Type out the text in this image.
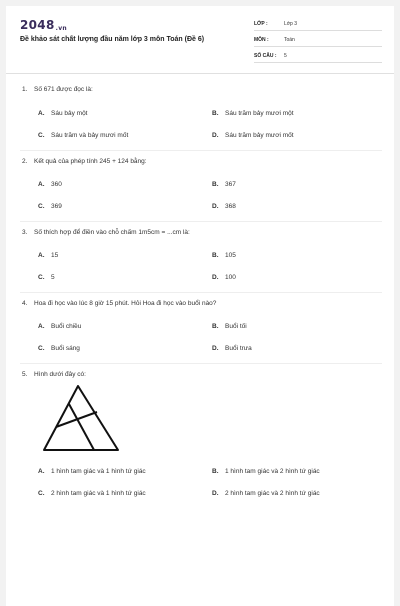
2048.vn
Đề khảo sát chất lượng đầu năm lớp 3 môn Toán (Đề 6)
LỚP :	Lớp 3
MÔN :	Toán
SỐ CÂU : 5
1. Số 671 được đọc là:
A. Sáu bảy một	B. Sáu trăm bảy mươi một
C. Sáu trăm và bảy mươi mốt	D. Sáu trăm bảy mươi mốt
2. Kết quả của phép tính 245 + 124 bằng:
A. 360	B. 367
C. 369	D. 368
3. Số thích hợp để điền vào chỗ chấm 1m5cm = ...cm là:
A. 15	B. 105
C. 5	D. 100
4. Hoa đi học vào lúc 8 giờ 15 phút. Hỏi Hoa đi học vào buổi nào?
A. Buổi chiều	B. Buổi tối
C. Buổi sáng	D. Buổi trưa
5. Hình dưới đây có:
A. 1 hình tam giác và 1 hình tứ giác	B. 1 hình tam giác và 2 hình tứ giác
C. 2 hình tam giác và 1 hình tứ giác	D. 2 hình tam giác và 2 hình tứ giác
